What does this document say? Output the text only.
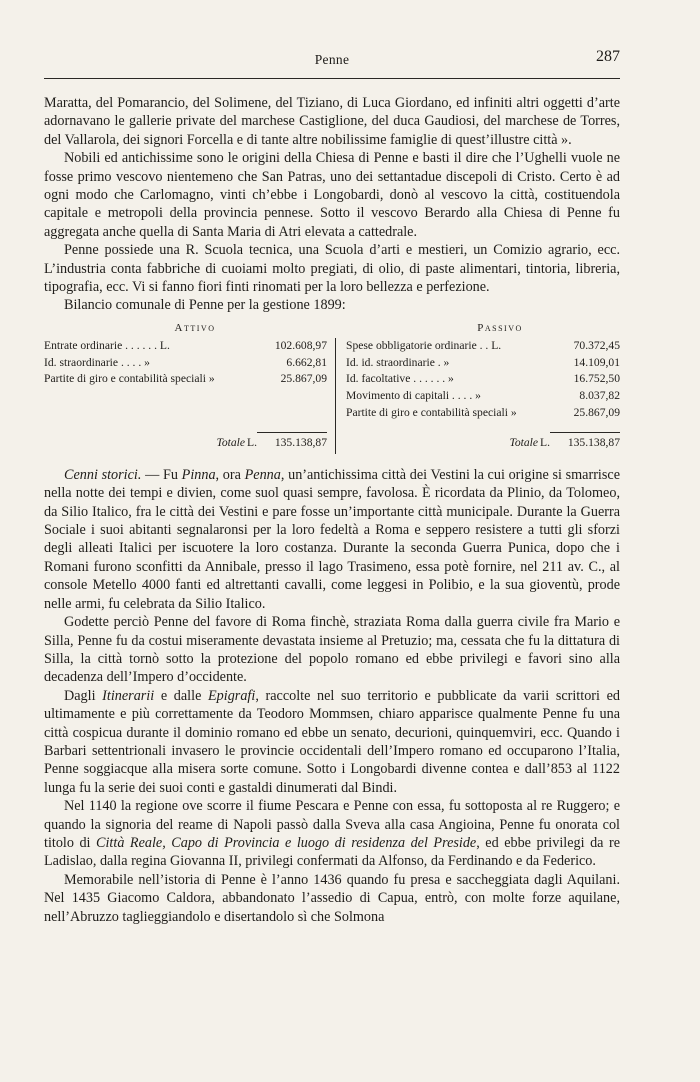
Penne	287

Maratta, del Pomarancio, del Solimene, del Tiziano, di Luca Giordano, ed infiniti altri oggetti d’arte adornavano le gallerie private del marchese Castiglione, del duca Gaudiosi, del marchese de Torres, del Vallarola, dei signori Forcella e di tante altre nobilissime famiglie di quest’illustre città ».

Nobili ed antichissime sono le origini della Chiesa di Penne e basti il dire che l’Ughelli vuole ne fosse primo vescovo nientemeno che San Patras, uno dei settantadue discepoli di Cristo. Certo è ad ogni modo che Carlomagno, vinti ch’ebbe i Longobardi, donò al vescovo la città, costituendola capitale e metropoli della provincia pennese. Sotto il vescovo Berardo alla Chiesa di Penne fu aggregata anche quella di Santa Maria di Atri elevata a cattedrale.

Penne possiede una R. Scuola tecnica, una Scuola d’arti e mestieri, un Comizio agrario, ecc. L’industria conta fabbriche di cuoiami molto pregiati, di olio, di paste alimentari, tintoria, libreria, tipografia, ecc. Vi si fanno fiori finti rinomati per la loro bellezza e perfezione.

Bilancio comunale di Penne per la gestione 1899:

Attivo	Passivo
Entrate ordinarie . . . . . . L.	102.608,97
Id. straordinarie . . . . »	6.662,81
Partite di giro e contabilità speciali »	25.867,09
Totale L. 135.138,87
Spese obbligatorie ordinarie . . L.	70.372,45
Id. id. straordinarie . »	14.109,01
Id. facoltative . . . . . . »	16.752,50
Movimento di capitali . . . . »	8.037,82
Partite di giro e contabilità speciali »	25.867,09
Totale L. 135.138,87

Cenni storici. — Fu Pinna, ora Penna, un’antichissima città dei Vestini la cui origine si smarrisce nella notte dei tempi e divien, come suol quasi sempre, favolosa. È ricordata da Plinio, da Tolomeo, da Silio Italico, fra le città dei Vestini e pare fosse un’importante città municipale. Durante la Guerra Sociale i suoi abitanti segnalaronsi per la loro fedeltà a Roma e seppero resistere a tutti gli sforzi degli alleati Italici per iscuotere la loro costanza. Durante la seconda Guerra Punica, dopo che i Romani furono sconfitti da Annibale, presso il lago Trasimeno, essa potè fornire, nel 211 av. C., al console Metello 4000 fanti ed altrettanti cavalli, come leggesi in Polibio, e la sua gioventù, prode nelle armi, fu celebrata da Silio Italico.

Godette perciò Penne del favore di Roma finchè, straziata Roma dalla guerra civile fra Mario e Silla, Penne fu da costui miseramente devastata insieme al Pretuzio; ma, cessata che fu la dittatura di Silla, la città tornò sotto la protezione del popolo romano ed ebbe privilegi e favori sino alla decadenza dell’Impero d’occidente.

Dagli Itinerarii e dalle Epigrafi, raccolte nel suo territorio e pubblicate da varii scrittori ed ultimamente e più correttamente da Teodoro Mommsen, chiaro apparisce qualmente Penne fu una città cospicua durante il dominio romano ed ebbe un senato, decurioni, quinquemviri, ecc. Quando i Barbari settentrionali invasero le provincie occidentali dell’Impero romano ed occuparono l’Italia, Penne soggiacque alla misera sorte comune. Sotto i Longobardi divenne contea e dall’853 al 1122 lunga fu la serie dei suoi conti e gastaldi dinumerati dal Bindi.

Nel 1140 la regione ove scorre il fiume Pescara e Penne con essa, fu sottoposta al re Ruggero; e quando la signoria del reame di Napoli passò dalla Sveva alla casa Angioina, Penne fu onorata col titolo di Città Reale, Capo di Provincia e luogo di residenza del Preside, ed ebbe privilegi da re Ladislao, dalla regina Giovanna II, privilegi confermati da Alfonso, da Ferdinando e da Federico.

Memorabile nell’istoria di Penne è l’anno 1436 quando fu presa e saccheggiata dagli Aquilani. Nel 1435 Giacomo Caldora, abbandonato l’assedio di Capua, entrò, con molte forze aquilane, nell’Abruzzo taglieggiandolo e disertandolo sì che Solmona
